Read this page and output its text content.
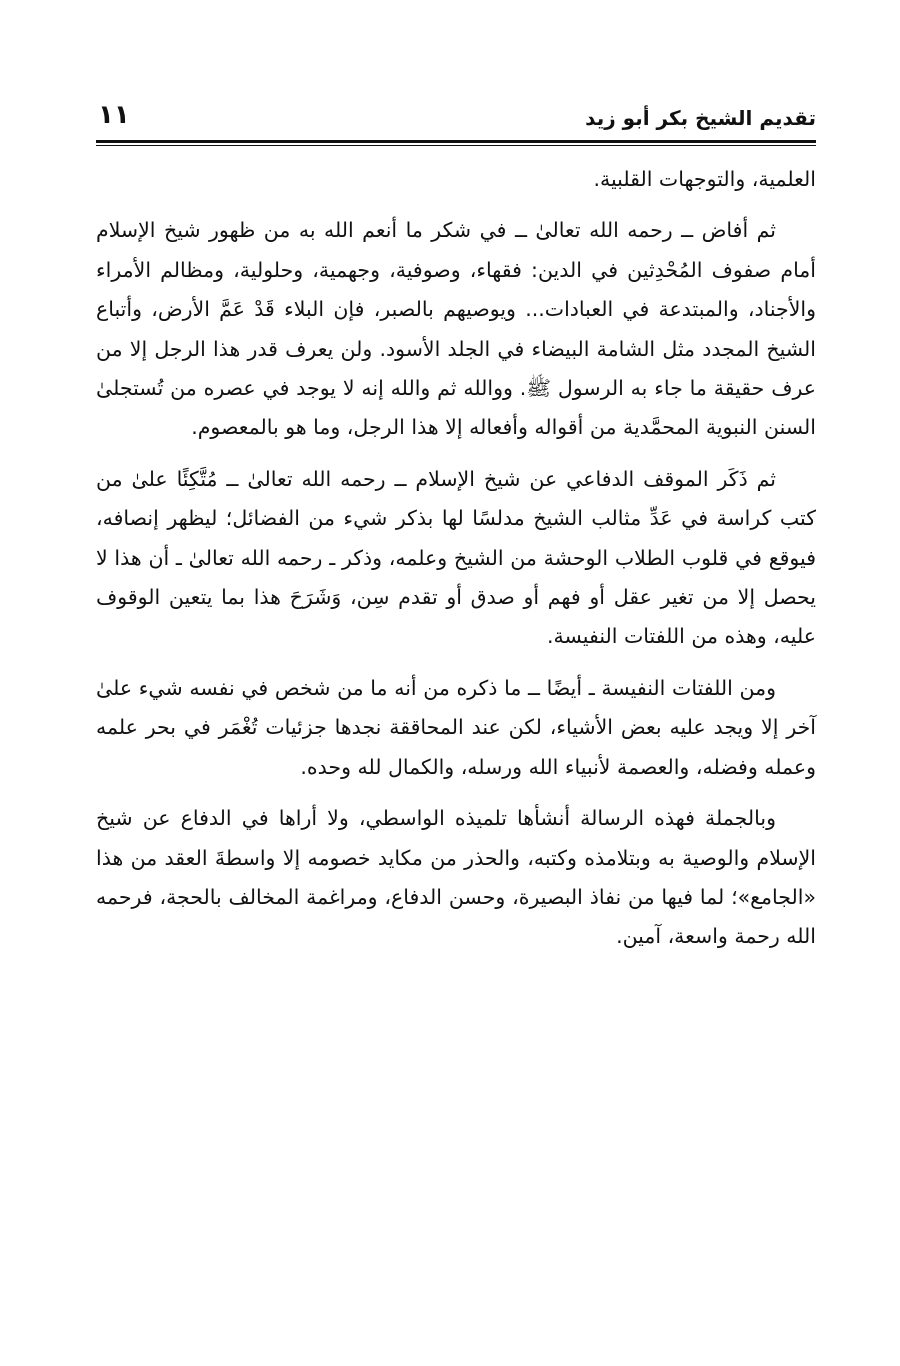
تقديم الشيخ بكر أبو زيد
١١

العلمية، والتوجهات القلبية.

ثم أفاض ــ رحمه الله تعالىٰ ــ في شكر ما أنعم الله به من ظهور شيخ الإسلام أمام صفوف المُحْدِثين في الدين: فقهاء، وصوفية، وجهمية، وحلولية، ومظالم الأمراء والأجناد، والمبتدعة في العبادات... ويوصيهم بالصبر، فإن البلاء قَدْ عَمَّ الأرض، وأتباع الشيخ المجدد مثل الشامة البيضاء في الجلد الأسود. ولن يعرف قدر هذا الرجل إلا من عرف حقيقة ما جاء به الرسول ﷺ. ووالله ثم والله إنه لا يوجد في عصره من تُستجلىٰ السنن النبوية المحمَّدية من أقواله وأفعاله إلا هذا الرجل، وما هو بالمعصوم.

ثم ذَكَر الموقف الدفاعي عن شيخ الإسلام ــ رحمه الله تعالىٰ ــ مُتَّكِئًا علىٰ من كتب كراسة في عَدِّ مثالب الشيخ مدلسًا لها بذكر شيء من الفضائل؛ ليظهر إنصافه، فيوقع في قلوب الطلاب الوحشة من الشيخ وعلمه، وذكر ـ رحمه الله تعالىٰ ـ أن هذا لا يحصل إلا من تغير عقل أو فهم أو صدق أو تقدم سِن، وَشَرَحَ هذا بما يتعين الوقوف عليه، وهذه من اللفتات النفيسة.

ومن اللفتات النفيسة ـ أيضًا ــ ما ذكره من أنه ما من شخص في نفسه شيء علىٰ آخر إلا ويجد عليه بعض الأشياء، لكن عند المحاققة نجدها جزئيات تُغْمَر في بحر علمه وعمله وفضله، والعصمة لأنبياء الله ورسله، والكمال لله وحده.

وبالجملة فهذه الرسالة أنشأها تلميذه الواسطي، ولا أراها في الدفاع عن شيخ الإسلام والوصية به وبتلامذه وكتبه، والحذر من مكايد خصومه إلا واسطةَ العقد من هذا «الجامع»؛ لما فيها من نفاذ البصيرة، وحسن الدفاع، ومراغمة المخالف بالحجة، فرحمه الله رحمة واسعة، آمين.
